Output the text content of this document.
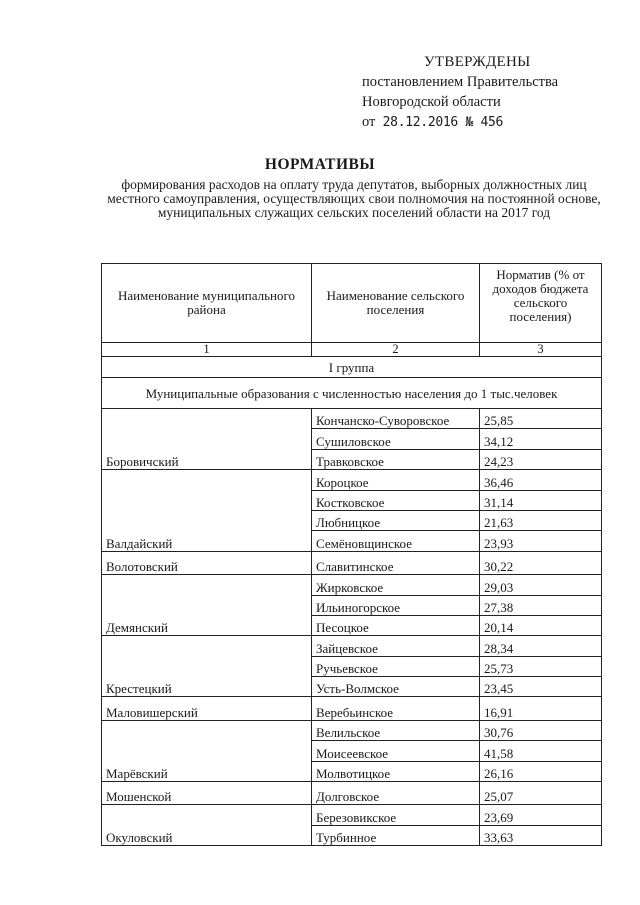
УТВЕРЖДЕНЫ
постановлением Правительства
Новгородской области
от 28.12.2016 № 456
НОРМАТИВЫ
формирования расходов на оплату труда депутатов, выборных должностных лиц местного самоуправления, осуществляющих свои полномочия на постоянной основе, муниципальных служащих сельских поселений области на 2017 год
Наименование муниципального района	Наименование сельского поселения	Норматив (% от доходов бюджета сельского поселения)
1	2	3
I группа		
Муниципальные образования с численностью населения до 1 тыс.человек		
Боровичский	Кончанско-Суворовское	25,85
	Сушиловское	34,12
	Травковское	24,23
Валдайский	Короцкое	36,46
	Костковское	31,14
	Любницкое	21,63
	Семёновщинское	23,93
Волотовский	Славитинское	30,22
Демянский	Жирковское	29,03
	Ильиногорское	27,38
	Песоцкое	20,14
Крестецкий	Зайцевское	28,34
	Ручьевское	25,73
	Усть-Волмское	23,45
Маловишерский	Веребьинское	16,91
Марёвский	Велильское	30,76
	Моисеевское	41,58
	Молвотицкое	26,16
Мошенской	Долговское	25,07
Окуловский	Березовикское	23,69
	Турбинное	33,63
